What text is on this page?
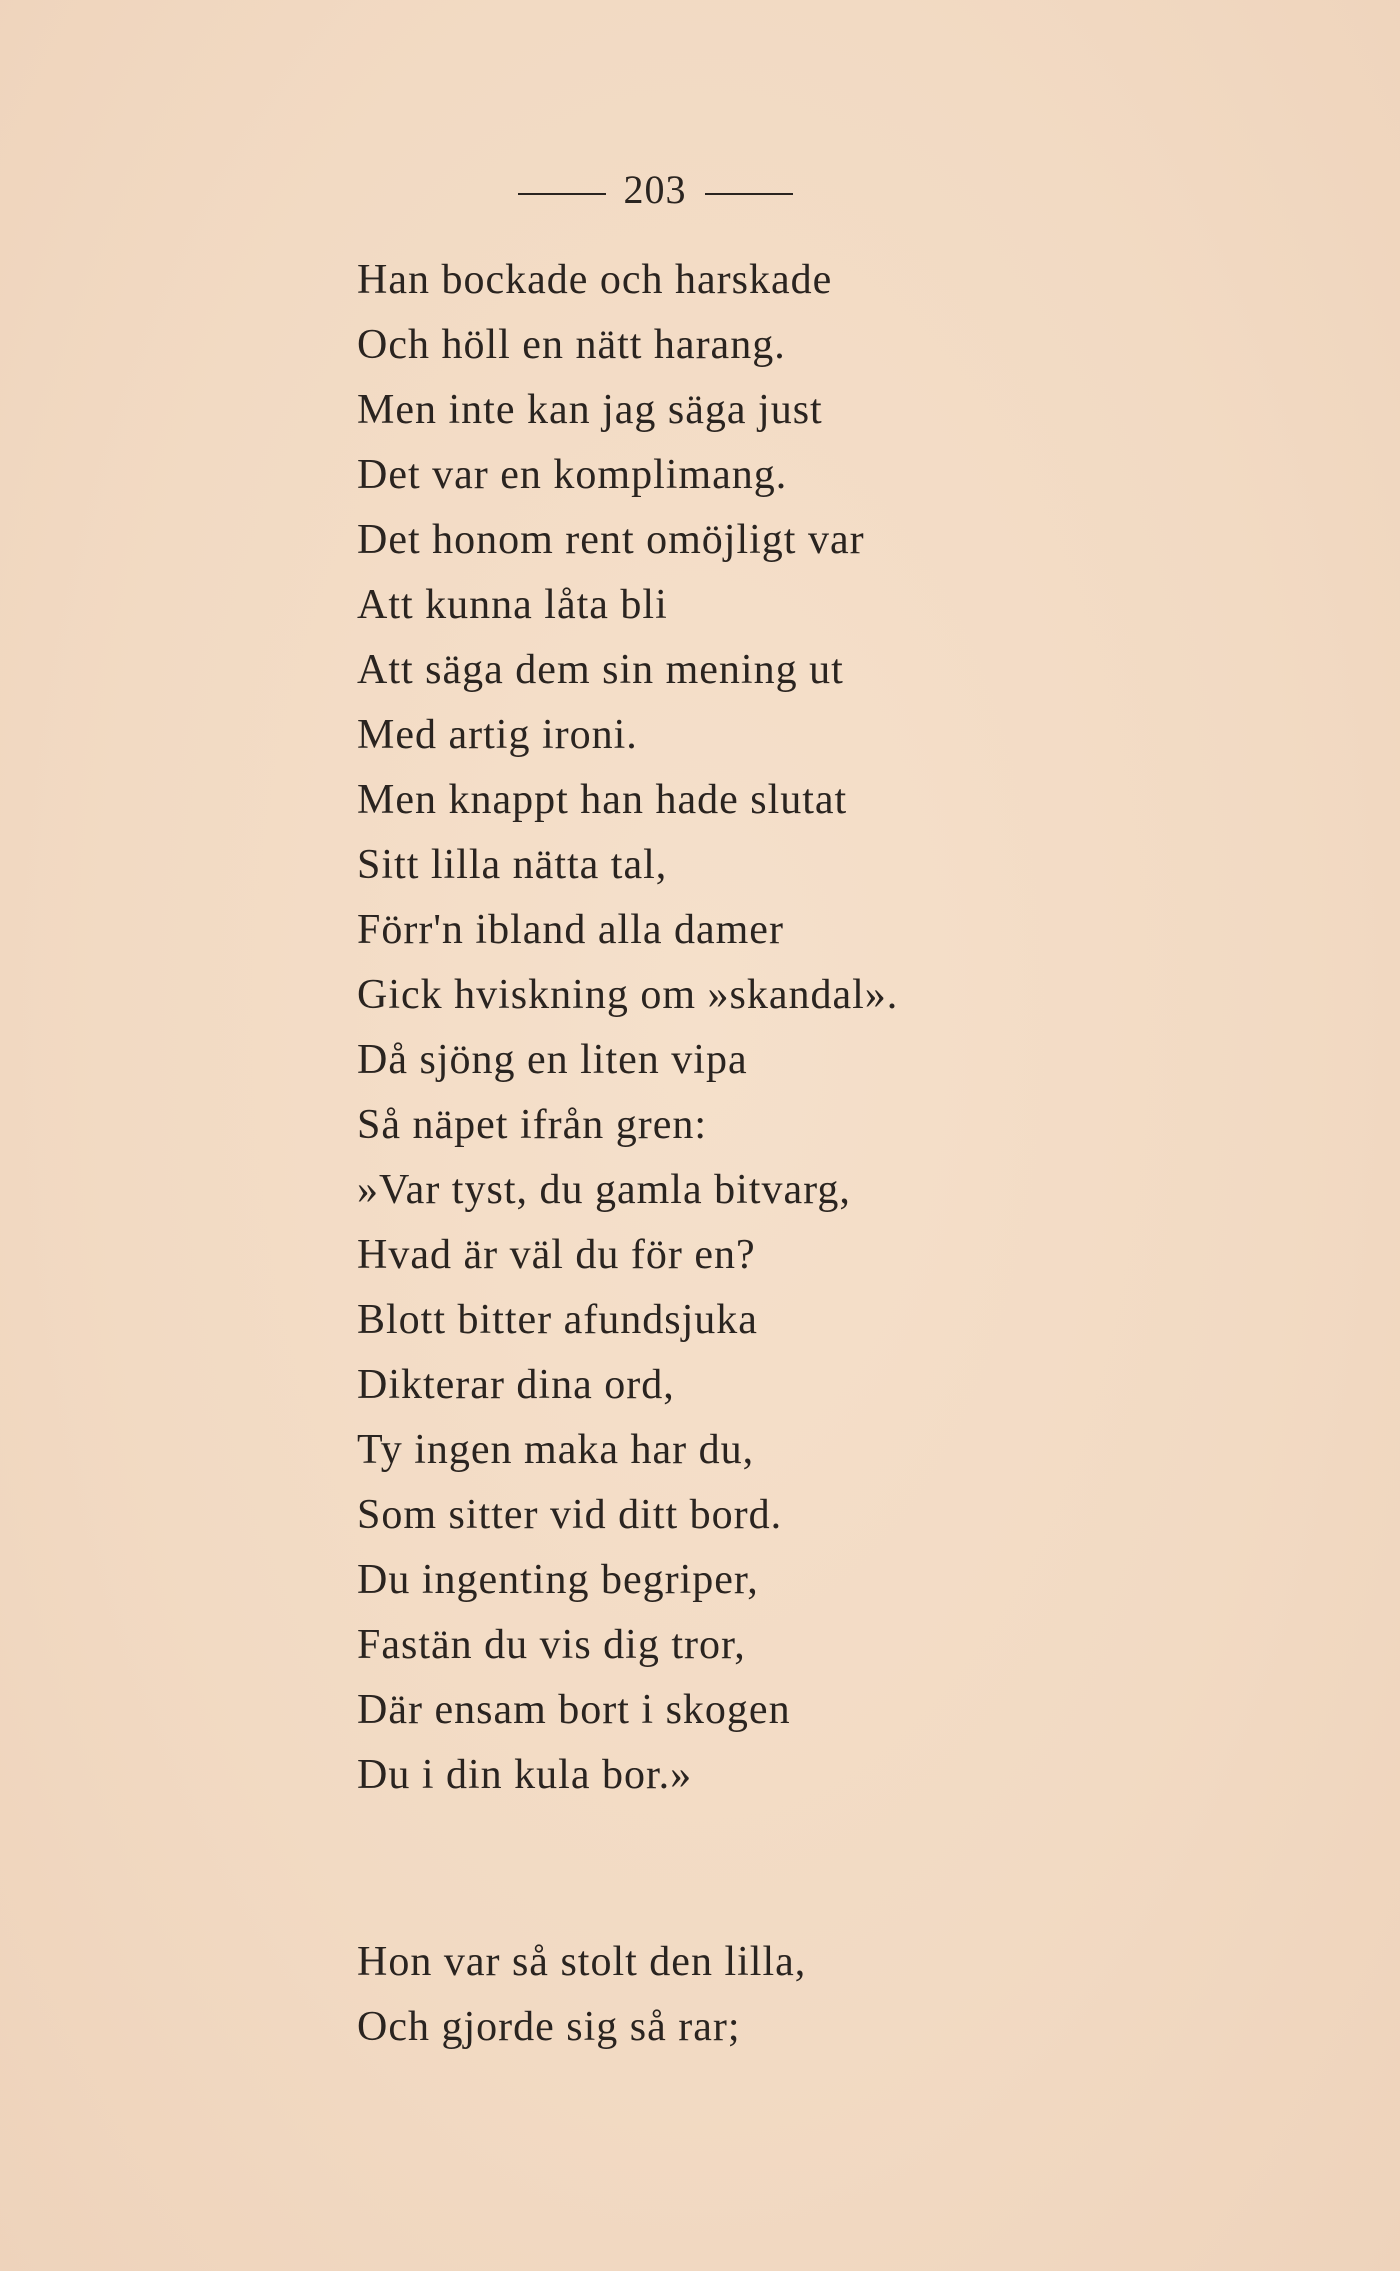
203
Han bockade och harskade
Och höll en nätt harang.
Men inte kan jag säga just
Det var en komplimang.
Det honom rent omöjligt var
Att kunna låta bli
Att säga dem sin mening ut
Med artig ironi.
Men knappt han hade slutat
Sitt lilla nätta tal,
Förr'n ibland alla damer
Gick hviskning om »skandal».
Då sjöng en liten vipa
Så näpet ifrån gren:
»Var tyst, du gamla bitvarg,
Hvad är väl du för en?
Blott bitter afundsjuka
Dikterar dina ord,
Ty ingen maka har du,
Som sitter vid ditt bord.
Du ingenting begriper,
Fastän du vis dig tror,
Där ensam bort i skogen
Du i din kula bor.»
Hon var så stolt den lilla,
Och gjorde sig så rar;
